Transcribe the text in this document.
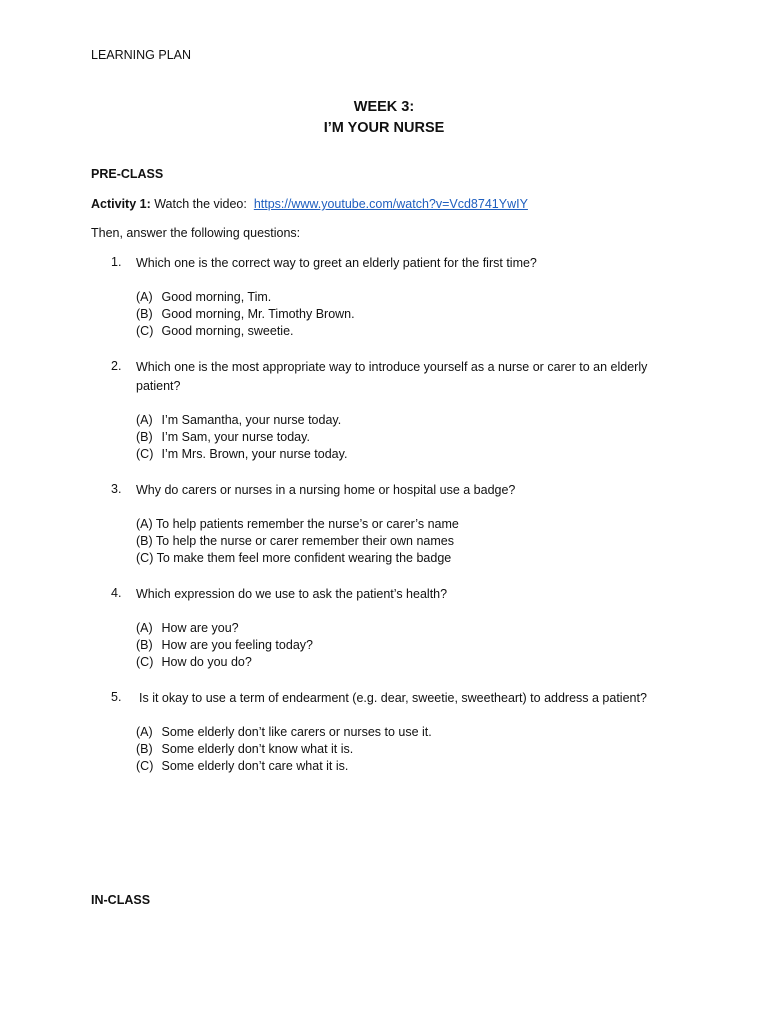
LEARNING PLAN
WEEK 3:
I’M YOUR NURSE
PRE-CLASS
Activity 1: Watch the video:  https://www.youtube.com/watch?v=Vcd8741YwIY
Then, answer the following questions:
1. Which one is the correct way to greet an elderly patient for the first time?
(A) Good morning, Tim.
(B) Good morning, Mr. Timothy Brown.
(C) Good morning, sweetie.
2. Which one is the most appropriate way to introduce yourself as a nurse or carer to an elderly patient?
(A) I’m Samantha, your nurse today.
(B) I’m Sam, your nurse today.
(C) I’m Mrs. Brown, your nurse today.
3. Why do carers or nurses in a nursing home or hospital use a badge?
(A) To help patients remember the nurse’s or carer’s name
(B) To help the nurse or carer remember their own names
(C) To make them feel more confident wearing the badge
4. Which expression do we use to ask the patient’s health?
(A) How are you?
(B) How are you feeling today?
(C) How do you do?
5. Is it okay to use a term of endearment (e.g. dear, sweetie, sweetheart) to address a patient?
(A) Some elderly don’t like carers or nurses to use it.
(B) Some elderly don’t know what it is.
(C) Some elderly don’t care what it is.
IN-CLASS
